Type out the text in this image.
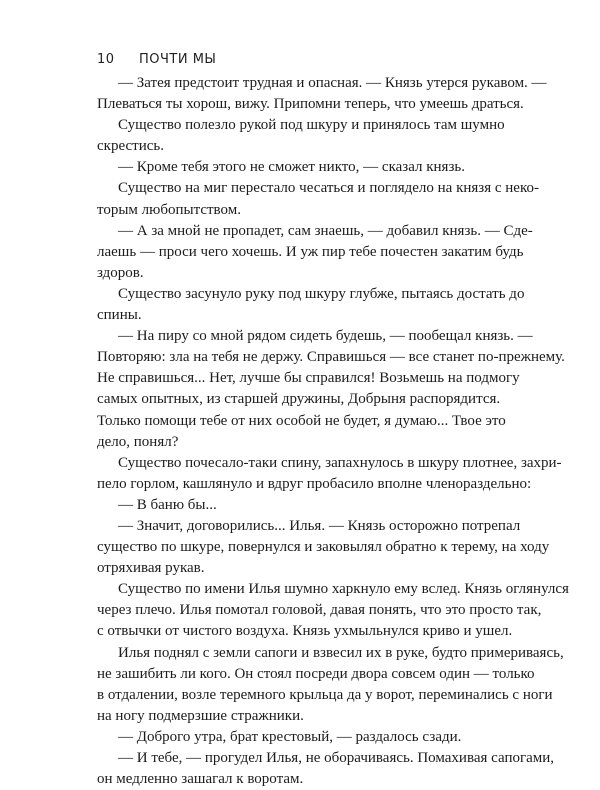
10 ПОЧТИ МЫ
— Затея предстоит трудная и опасная. — Князь утерся рукавом. —
Плеваться ты хорош, вижу. Припомни теперь, что умеешь драться.
Существо полезло рукой под шкуру и принялось там шумно
скрестись.
— Кроме тебя этого не сможет никто, — сказал князь.
Существо на миг перестало чесаться и поглядело на князя с неко-
торым любопытством.
— А за мной не пропадет, сам знаешь, — добавил князь. — Сде-
лаешь — проси чего хочешь. И уж пир тебе почестен закатим будь
здоров.
Существо засунуло руку под шкуру глубже, пытаясь достать до
спины.
— На пиру со мной рядом сидеть будешь, — пообещал князь. —
Повторяю: зла на тебя не держу. Справишься — все станет по-прежнему.
Не справишься... Нет, лучше бы справился! Возьмешь на подмогу
самых опытных, из старшей дружины, Добрыня распорядится.
Только помощи тебе от них особой не будет, я думаю... Твое это
дело, понял?
Существо почесало-таки спину, запахнулось в шкуру плотнее, захри-
пело горлом, кашлянуло и вдруг пробасило вполне членораздельно:
— В баню бы...
— Значит, договорились... Илья. — Князь осторожно потрепал
существо по шкуре, повернулся и заковылял обратно к терему, на ходу
отряхивая рукав.
Существо по имени Илья шумно харкнуло ему вслед. Князь оглянулся
через плечо. Илья помотал головой, давая понять, что это просто так,
с отвычки от чистого воздуха. Князь ухмыльнулся криво и ушел.
Илья поднял с земли сапоги и взвесил их в руке, будто примериваясь,
не зашибить ли кого. Он стоял посреди двора совсем один — только
в отдалении, возле теремного крыльца да у ворот, переминались с ноги
на ногу подмерзшие стражники.
— Доброго утра, брат крестовый, — раздалось сзади.
— И тебе, — прогудел Илья, не оборачиваясь. Помахивая сапогами,
он медленно зашагал к воротам.
